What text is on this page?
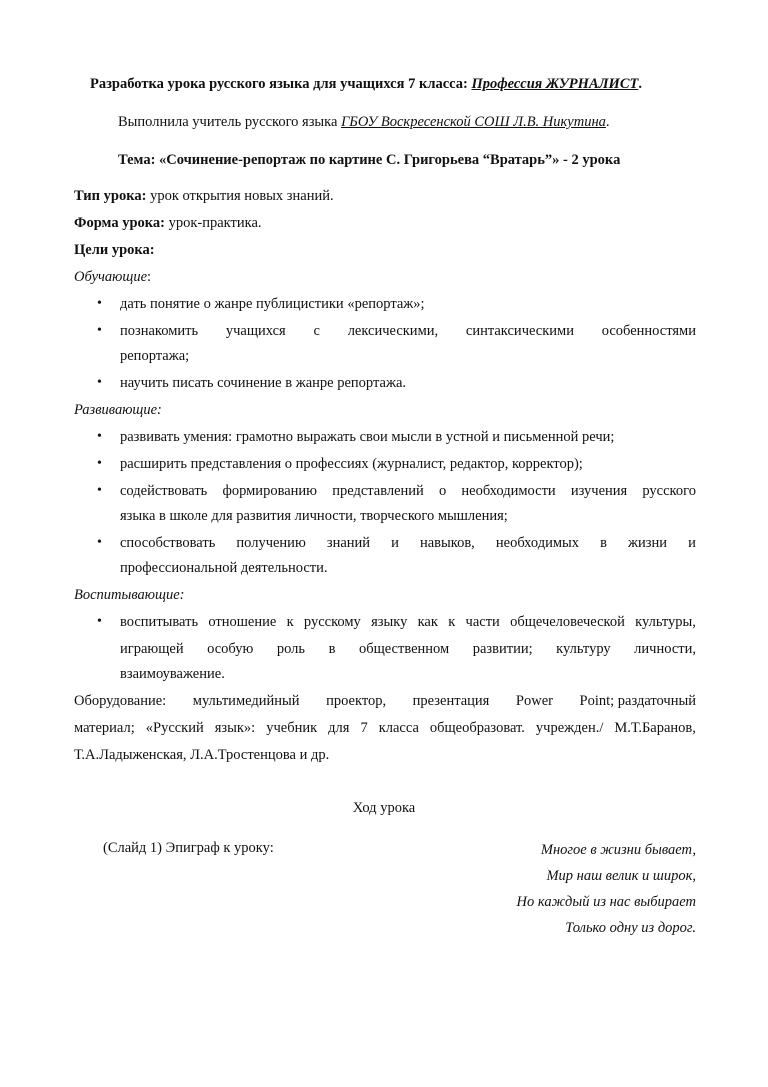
Разработка урока русского языка для учащихся 7 класса: Профессия ЖУРНАЛИСТ.
Выполнила учитель русского языка ГБОУ Воскресенской СОШ Л.В. Никутина.
Тема: «Сочинение-репортаж по картине С. Григорьева “Вратарь”» - 2 урока
Тип урока: урок открытия новых знаний.
Форма урока: урок-практика.
Цели урока:
Обучающие:
• дать понятие о жанре публицистики «репортаж»;
• познакомить учащихся с лексическими, синтаксическими особенностями
репортажа;
• научить писать сочинение в жанре репортажа.
Развивающие:
• развивать умения: грамотно выражать свои мысли в устной и письменной речи;
• расширить представления о профессиях (журналист, редактор, корректор);
• содействовать формированию представлений о необходимости изучения русского
языка в школе для развития личности, творческого мышления;
• способствовать получению знаний и навыков, необходимых в жизни и
профессиональной деятельности.
Воспитывающие:
• воспитывать отношение к русскому языку как к части общечеловеческой культуры,
играющей особую роль в общественном развитии; культуру личности,
взаимоуважение.
Оборудование: мультимедийный проектор, презентация Power Point; раздаточный
материал; «Русский язык»: учебник для 7 класса общеобразоват. учрежден./ М.Т.Баранов,
Т.А.Ладыженская, Л.А.Тростенцова и др.
Ход урока
(Слайд 1) Эпиграф к уроку:	Многое в жизни бывает,
Мир наш велик и широк,
Но каждый из нас выбирает
Только одну из дорог.
